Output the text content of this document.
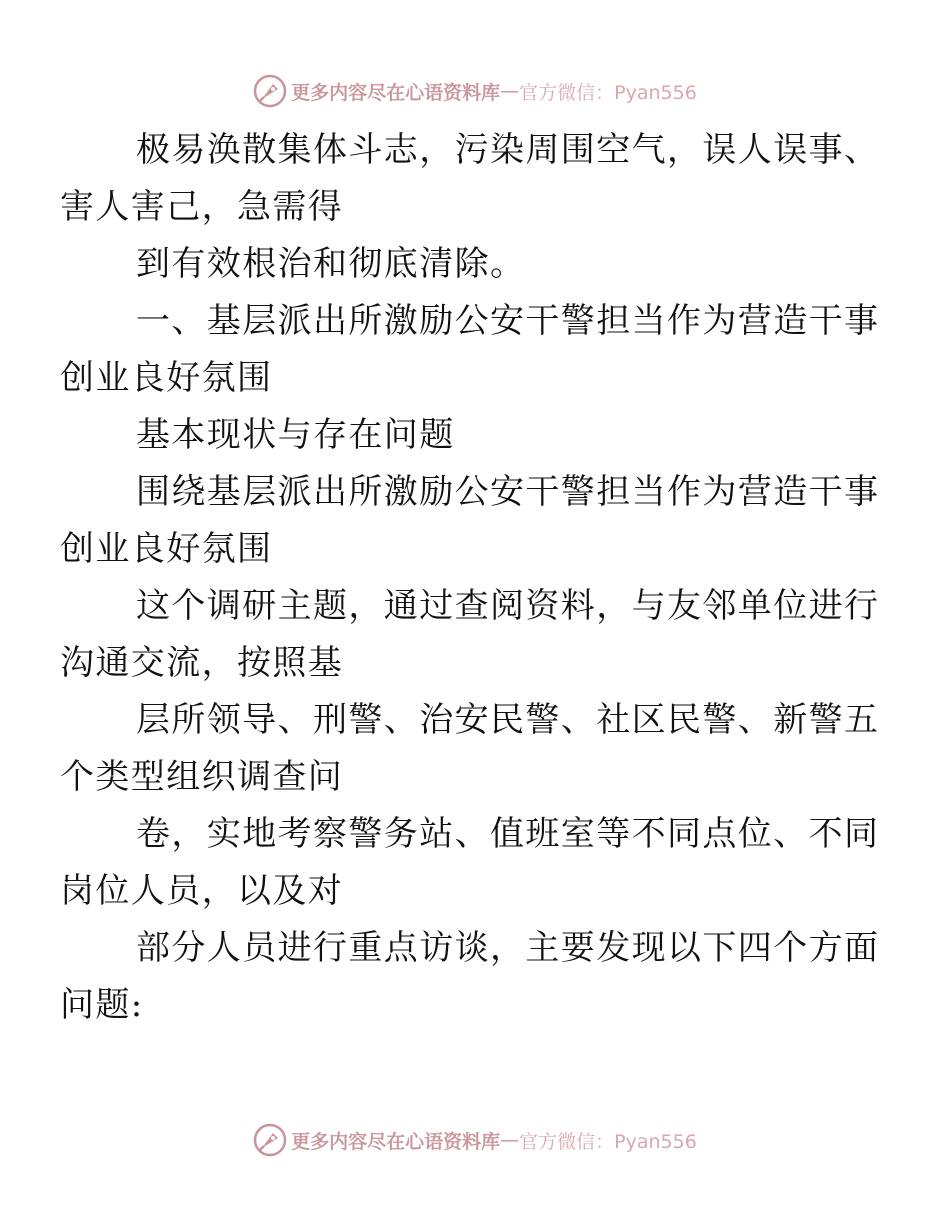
更多内容尽在心语资料库 — 官方微信：Pyan556
极易涣散集体斗志，污染周围空气，误人误事、
害人害己，急需得
到有效根治和彻底清除。
一、基层派出所激励公安干警担当作为营造干事
创业良好氛围
基本现状与存在问题
围绕基层派出所激励公安干警担当作为营造干事
创业良好氛围
这个调研主题，通过查阅资料，与友邻单位进行
沟通交流，按照基
层所领导、刑警、治安民警、社区民警、新警五
个类型组织调查问
卷，实地考察警务站、值班室等不同点位、不同
岗位人员，以及对
部分人员进行重点访谈，主要发现以下四个方面
问题:
更多内容尽在心语资料库 — 官方微信：Pyan556
